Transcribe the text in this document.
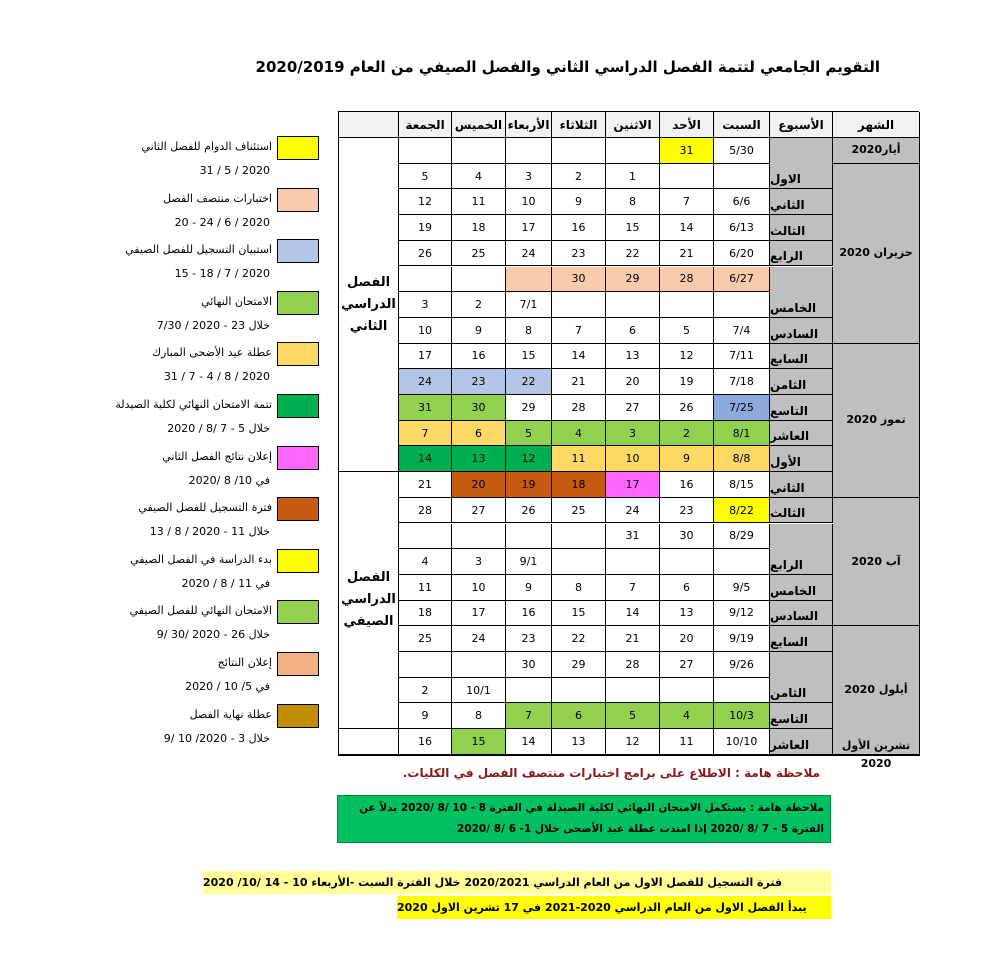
التقويم الجامعي لتتمة الفصل الدراسي الثاني والفصل الصيفي من العام 2020/2019
استئناف الدوام للفصل الثاني
2020 / 5 / 31
اختبارات منتصف الفصل
2020 / 6 / 24 - 20
استبيان التسجيل للفصل الصيفي
2020 / 7 / 18 - 15
الامتحان النهائي
خلال 23 - 2020 / 7/30
عطلة عيد الأضحى المبارك
2020 / 8 / 4 - 7 / 31
تتمة الامتحان النهائي لكلية الصيدلة
خلال 5 - 7 /8 / 2020
إعلان نتائج الفصل الثاني
في 10/ 8 /2020
فترة التسجيل للفصل الصيفي
خلال 11 - 2020 / 8 / 13
بدء الدراسة في الفصل الصيفي
في 11 / 8 / 2020
الامتحان النهائي للفصل الصيفي
خلال 26 - 2020 /30 /9
إعلان النتائج
في 5/ 10 / 2020
عطلة نهاية الفصل
خلال 3 - 2020/ 10 /9
الشهر
الأسبوع
السبت
الأحد
الاثنين
الثلاثاء
الأربعاء
الخميس
الجمعة
الاول
5/30
31
1
2
3
4
5
الثاني
6/6
7
8
9
10
11
12
الثالث
6/13
14
15
16
17
18
19
الرابع
6/20
21
22
23
24
25
26
الخامس
6/27
28
29
30
7/1
2
3
السادس
7/4
5
6
7
8
9
10
السابع
7/11
12
13
14
15
16
17
الثامن
7/18
19
20
21
22
23
24
التاسع
7/25
26
27
28
29
30
31
العاشر
8/1
2
3
4
5
6
7
الأول
8/8
9
10
11
12
13
14
الثاني
8/15
16
17
18
19
20
21
الثالث
8/22
23
24
25
26
27
28
الرابع
8/29
30
31
9/1
3
4
الخامس
9/5
6
7
8
9
10
11
السادس
9/12
13
14
15
16
17
18
السابع
9/19
20
21
22
23
24
25
الثامن
9/26
27
28
29
30
10/1
2
التاسع
10/3
4
5
6
7
8
9
العاشر
10/10
11
12
13
14
15
16
أيار2020
حزيران 2020
تموز 2020
آب 2020
أيلول 2020
2020
الفصل الدراسي الثاني
الفصل الدراسي الصيفي
ملاحظة هامة : الاطلاع على برامج اختبارات منتصف الفصل في الكليات.
ملاحظة هامة : يستكمل الامتحان النهائي لكلية الصيدلة في الفترة 8 - 10 /8 /2020 بدلاً عن
الفترة 5 - 7 /8 /2020 إذا امتدت عطلة عيد الأضحى خلال 1- 6 /8 /2020
فترة التسجيل للفصل الاول من العام الدراسي 2020/2021 خلال الفترة السبت -الأربعاء 10 - 14 /10/ 2020
يبدأ الفصل الاول من العام الدراسي 2020-2021 في 17 تشرين الاول 2020
